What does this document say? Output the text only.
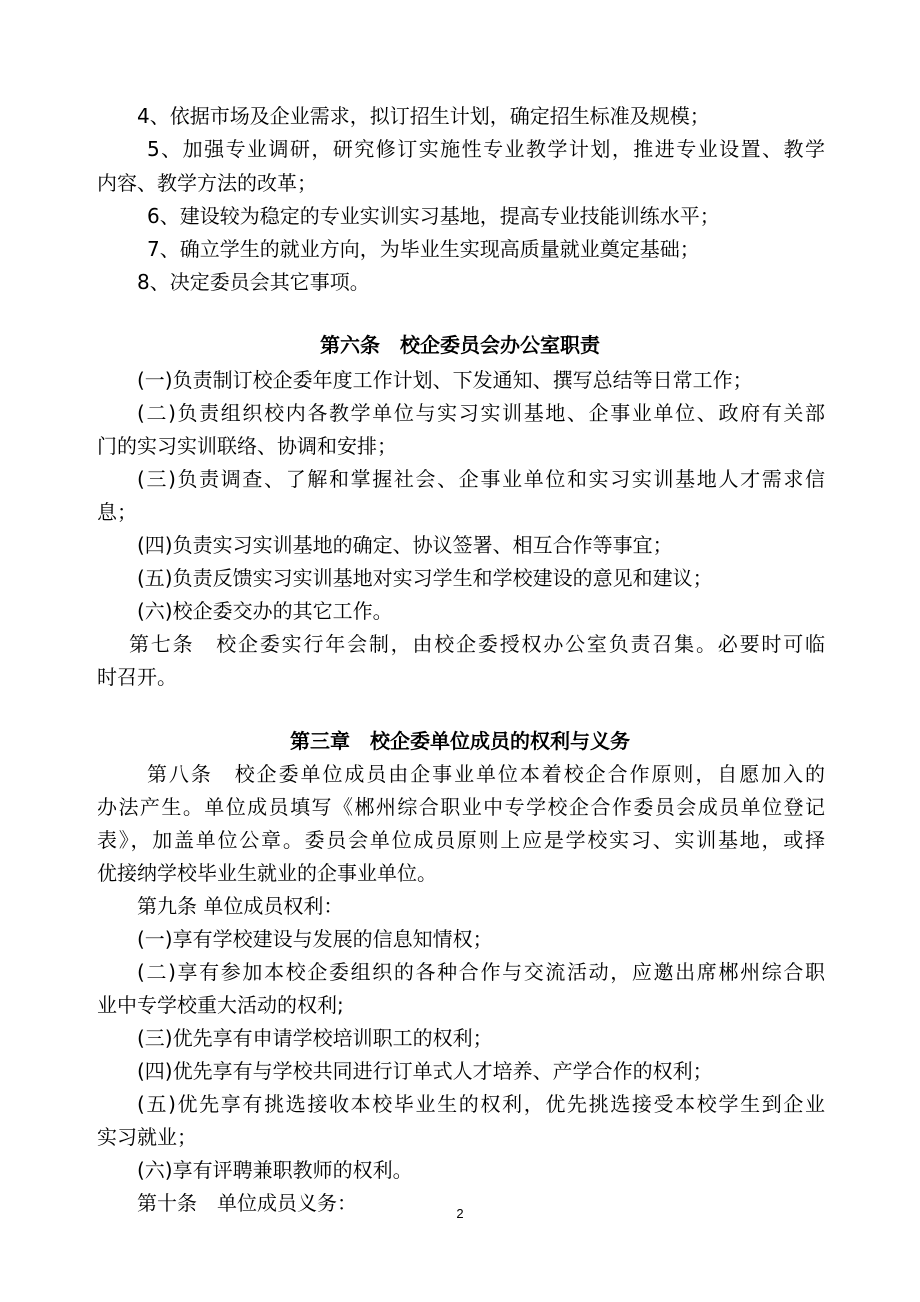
4、依据市场及企业需求，拟订招生计划，确定招生标准及规模；

5、加强专业调研，研究修订实施性专业教学计划，推进专业设置、教学

内容、教学方法的改革；

6、建设较为稳定的专业实训实习基地，提高专业技能训练水平；

7、确立学生的就业方向，为毕业生实现高质量就业奠定基础；

8、决定委员会其它事项。

第六条　校企委员会办公室职责

(一)负责制订校企委年度工作计划、下发通知、撰写总结等日常工作；

(二)负责组织校内各教学单位与实习实训基地、企事业单位、政府有关部

门的实习实训联络、协调和安排；

(三)负责调查、了解和掌握社会、企事业单位和实习实训基地人才需求信

息；

(四)负责实习实训基地的确定、协议签署、相互合作等事宜；

(五)负责反馈实习实训基地对实习学生和学校建设的意见和建议；

(六)校企委交办的其它工作。

第七条　校企委实行年会制，由校企委授权办公室负责召集。必要时可临

时召开。

第三章　校企委单位成员的权利与义务

第八条　校企委单位成员由企事业单位本着校企合作原则，自愿加入的

办法产生。单位成员填写《郴州综合职业中专学校企合作委员会成员单位登记

表》，加盖单位公章。委员会单位成员原则上应是学校实习、实训基地，或择

优接纳学校毕业生就业的企事业单位。

第九条 单位成员权利：

(一)享有学校建设与发展的信息知情权；

(二)享有参加本校企委组织的各种合作与交流活动，应邀出席郴州综合职

业中专学校重大活动的权利;

(三)优先享有申请学校培训职工的权利；

(四)优先享有与学校共同进行订单式人才培养、产学合作的权利；

(五)优先享有挑选接收本校毕业生的权利，优先挑选接受本校学生到企业

实习就业；

(六)享有评聘兼职教师的权利。

第十条　单位成员义务：	2
